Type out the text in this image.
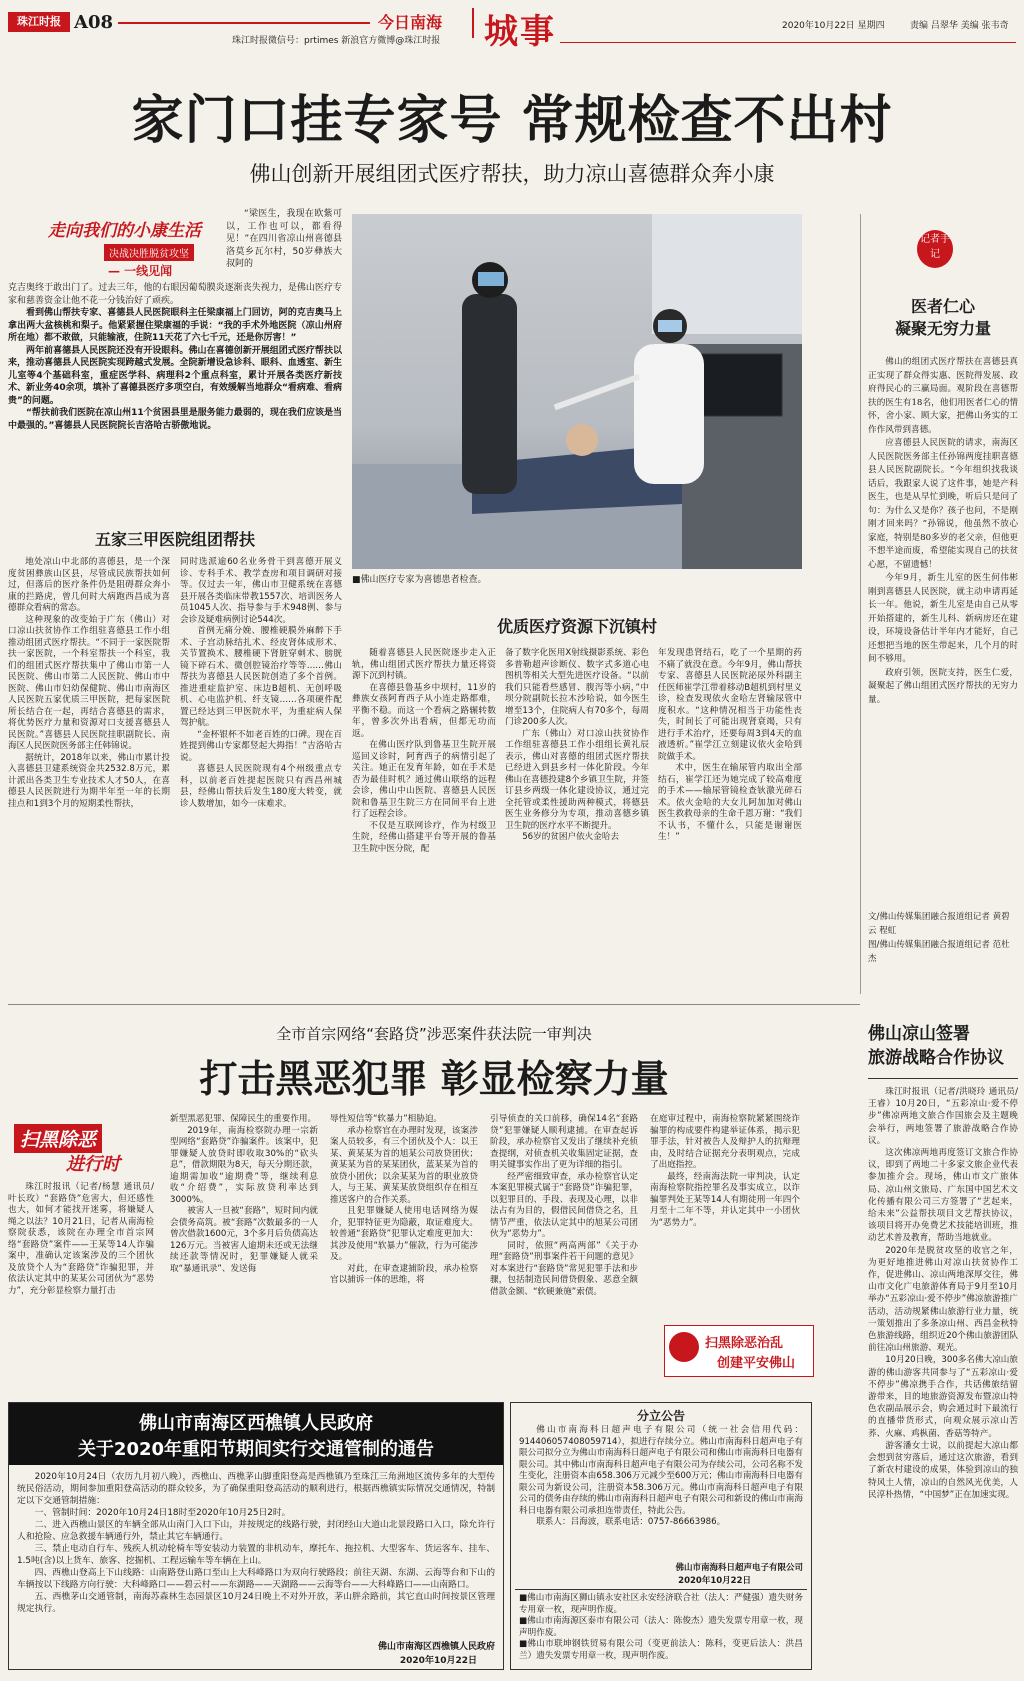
珠江时报 A08	今日南海 城事
珠江时报微信号：prtimes 新浪官方微博@珠江时报
2020年10月22日 星期四	责编 吕翠华 美编 张韦奇
家门口挂专家号 常规检查不出村
佛山创新开展组团式医疗帮扶，助力凉山喜德群众奔小康
走向我们的小康生活
决战决胜脱贫攻坚
— 一线见闻
“梁医生，我现在欧紫可以，工作也可以，都看得见！”在四川省凉山州喜德县洛莫乡瓦尔村，50岁彝族大叔阿的

克吉奥终于敢出门了。过去三年，他的右眼因葡萄膜炎逐渐丧失视力，是佛山医疗专家和慈善资金让他不花一分钱治好了顽疾。

看到佛山帮扶专家、喜德县人民医院眼科主任梁康福上门回访，阿的克吉奥马上拿出两大盆核桃和梨子。他紧紧握住梁康福的手说：“我的手术外地医院（凉山州府所在地）都不敢做，只能输液，住院11天花了六七千元，还是你厉害！”

两年前喜德县人民医院还没有开设眼科。佛山在喜德创新开展组团式医疗帮扶以来，推动喜德县人民医院实现跨越式发展。全院新增设急诊科、眼科、血透室、新生儿室等4个基础科室，重症医学科、病理科2个重点科室，累计开展各类医疗新技术、新业务40余项，填补了喜德县医疗多项空白，有效缓解当地群众“看病难、看病贵”的问题。

“帮扶前我们医院在凉山州11个贫困县里是服务能力最弱的，现在我们应该是当中最强的。”喜德县人民医院院长吉洛哈古骄傲地说。

五家三甲医院组团帮扶

地处凉山中北部的喜德县，是一个深度贫困彝族山区县，尽管成民族帮扶如何过，但落后的医疗条件仍是阻碍群众奔小康的拦路虎，曾几何时大病跑西昌成为喜德群众看病的常态。

这种现象的改变始于广东（佛山）对口凉山扶贫协作工作组驻喜德县工作小组推动组团式医疗帮扶。“不同于一家医院帮扶一家医院，一个科室帮扶一个科室，我们的组团式医疗帮扶集中了佛山市第一人民医院、佛山市第二人民医院、佛山市中医院、佛山市妇幼保健院、佛山市南海区人民医院五家优质三甲医院，把每家医院所长结合在一起，再结合喜德县的需求，将优势医疗力量和资源对口支援喜德县人民医院。”喜德县人民医院挂职副院长、南海区人民医院医务部主任韩锦说。

据统计，2018年以来，佛山市累计投入喜德县卫建系统资金共2532.8万元，累计派出各类卫生专业技术人才50人，在喜德县人民医院进行为期半年至一年的长期挂点和1到3个月的短期柔性帮扶，

同时选派逾60名业务骨干到喜德开展义诊、专科手术、教学查房和项目调研对接等。仅过去一年，佛山市卫健系统在喜德县开展各类临床带教1557次、培训医务人员1045人次、指导参与手术948例、参与会诊及疑难病例讨论544次。

首例无痛分娩、腰椎硬膜外麻醉下手术、子宫动脉结扎术、经皮肾体成形术、关节置换术、腰椎硬下肾脏穿刺术、膀胱镜下碎石术、微创腔镜治疗等等……佛山帮扶为喜德县人民医院创造了多个首例。推进重症监护室、床边B超机、无创呼吸机、心电监护机、纤支镜……各项硬件配置已经达到三甲医院水平，为重症病人保驾护航。

“金杯银杯不如老百姓的口碑。现在百姓提到佛山专家都竖起大拇指！”吉洛哈古说。

喜德县人民医院现有4个州级重点专科，以前老百姓提起医院只有西昌州城县，经佛山帮扶后发生180度大转变，就诊人数增加，如今一床难求。

■佛山医疗专家为喜德患者检查。
优质医疗资源下沉镇村

随着喜德县人民医院逐步走入正轨，佛山组团式医疗帮扶力量还将资源下沉到村镇。

在喜德县鲁基乡中坝村，11岁的彝族女孩阿育西子从小连走路都难，平衡不稳。而这一个看病之路辗转数年，曾多次外出看病，但都无功而返。

在佛山医疗队到鲁基卫生院开展巡回义诊时，阿育西子的病情引起了关注。她正在发育年龄，如在手术是否为最佳时机？通过佛山联络的远程会诊，佛山中山医院、喜德县人民医院和鲁基卫生院三方在同间平台上进行了远程会诊。

不仅是互联网诊疗，作为村级卫生院，经佛山搭建平台等开展的鲁基卫生院中医分院，配

备了数字化医用X射线摄影系统、彩色多普勒超声诊断仪、数字式多道心电图机等相关大型先进医疗设备。“以前我们只能看些感冒、腹泻等小病，”中坝分院副院长拉木沙哈说，如今医生增至13个，住院病人有70多个，每周门诊200多人次。

广东（佛山）对口凉山扶贫协作工作组驻喜德县工作小组组长黄礼辰表示，佛山对喜德的组团式医疗帮扶已经进入到县乡村一体化阶段。今年佛山在喜德投建8个乡镇卫生院，并签订县乡两级一体化建设协议，通过完全托管或柔性援助两种模式，将德县医生业务修分为专项，推动喜德乡镇卫生院的医疗水平不断提升。

56岁的贫困户依火金哈去

年发现患肾结石，吃了一个星期的药不痛了就没在意。今年9月，佛山帮扶专家、喜德县人民医院泌尿外科副主任医师崔学江带着移动B超机到村里义诊，检查发现依火金哈左肾输尿管中度积水。“这种情况相当于功能性丧失，时间长了可能出现肾衰竭，只有进行手术治疗，还要每周3到4天的血液透析。”崔学江立刻建议依火金哈到院做手术。

术中，医生在输尿管内取出全部结石，崔学江还为她完成了较高难度的手术——输尿管镜检查钬激光碎石术。依火金哈的大女儿阿加加对佛山医生救救母亲的生命千恩万谢：“我们不认书，不懂什么，只能是谢谢医生！”

记者手记
医者仁心
凝聚无穷力量

佛山的组团式医疗帮扶在喜德县真正实现了群众得实惠、医院得发展、政府得民心的三赢局面。观阶段在喜德帮扶的医生有18名，他们用医者仁心的情怀，舍小家、顾大家，把佛山务实的工作作风带到喜德。

应喜德县人民医院的请求，南海区人民医院医务部主任孙锦两度挂职喜德县人民医院副院长。“今年组织找我谈话后，我跟家人说了这件事，她是产科医生，也是从早忙到晚，听后只是问了句：为什么又是你？孩子也问，不是刚刚才回来吗？”孙锦说，他虽然不放心家庭，特别是80多岁的老父亲，但他更不想半途而废，希望能实现自己的扶贫心愿，不留遗憾！

今年9月，新生儿室的医生何伟彬刚到喜德县人民医院，就主动申请再延长一年。他说，新生儿室是由自己从零开始搭建的，新生儿科、新病房还在建设，环境设备估计半年内才能好，自己还想把当地的医生带起来，几个月的时间不够用。

政府引领，医院支持，医生仁爱，凝聚起了佛山组团式医疗帮扶的无穷力量。

文/佛山传媒集团融合报道组记者 黄碧云 程虹
图/佛山传媒集团融合报道组记者 范杜杰
全市首宗网络“套路贷”涉恶案件获法院一审判决
打击黑恶犯罪 彰显检察力量
扫黑除恶
进行时

珠江时报讯（记者/杨慧 通讯员/叶长玫）“套路贷”危害大，但还感性也大，如何才能找开迷雾，将嫌疑人绳之以法？10月21日，记者从南海检察院获悉，该院在办理全市首宗网络“套路贷”案件——王某等14人诈骗案中，准确认定该案涉及的三个团伙及放贷个人为“套路贷”诈骗犯罪，并依法认定其中的某某公司团伙为“恶势力”，充分彰显检察力量打击

新型黑恶犯罪、保障民生的重要作用。

2019年，南海检察院办理一宗新型网络“套路贷”诈骗案件。该案中，犯罪嫌疑人放贷时即收取30%的“砍头息”，借款期限为8天，每天分期还款，逾期需加收“逾期费”等，继续利息收“介绍费”，实际放贷利率达到3000%。

被害人一旦被“套路”，短时间内就会债务高筑。被“套路”次数最多的一人曾次借款1600元，3个多月后负债高达126万元。当被害人逾期未还或无法继续还款等情况时，犯罪嫌疑人就采取“暴通讯录”、发送侮

辱性短信等“软暴力”相胁迫。

承办检察官在办理时发现，该案涉案人员较多，有三个团伙及个人：以王某、黄某某为首的旭某公司放贷团伙；黄某某为首的某某团伙，蓝某某为首的放贷小团伙；以余某某为首的职业放贷人，与王某、黄某某放贷组织存在相互推送客户的合作关系。

且犯罪嫌疑人使用电话网络为媒介，犯罪特征更为隐蔽，取证难度大。较普通“套路贷”犯罪认定难度更加大：其涉及使用“软暴力”催款，行为可能涉及。

对此，在审查逮捕阶段，承办检察官以捕诉一体的思维，将

引导侦查的关口前移，确保14名“套路贷”犯罪嫌疑人顺利逮捕。在审查起诉阶段，承办检察官又发出了继续补充侦查提纲，对侦查机关收集固定证据，查明关键事实作出了更为详细的指引。

经严密细致审查，承办检察官认定本案犯罪模式属于“套路贷”诈骗犯罪，以犯罪目的、手段、表现及心理，以非法占有为目的，假借民间借贷之名，且情节严重，依法认定其中的旭某公司团伙为“恶势力”。

同时，依照“两高两部”《关于办理“套路贷”刑事案件若干问题的意见》对本案进行“套路贷”常见犯罪手法和步骤，包括制造民间借贷假象、恶意全额借款金额、“软硬兼施”索债。

在庭审过程中，南海检察院紧紧围绕诈骗罪的构成要件构建举证体系，揭示犯罪手法，针对被告人及辩护人的抗辩理由，及时结合证据充分表明观点，完成了出庭指控。

最终，经南海法院一审判决，认定南海检察院指控罪名及事实成立，以诈骗罪判处王某等14人有期徒刑一年四个月至十二年不等，并认定其中一小团伙为“恶势力”。

扫黑除恶治乱
创建平安佛山
佛山凉山签署
旅游战略合作协议

珠江时报讯（记者/洪晓玲 通讯员/王睿）10月20日，“五彩凉山·爱不停步”佛凉两地文旅合作国旅会及主题晚会举行，两地签署了旅游战略合作协议。

这次佛凉两地再度签订文旅合作协议，即到了两地二十多家文旅企业代表参加推介会。现场，佛山市文广旅体局、凉山州文旅局、广东国中国艺术文化传播有限公司三方签署了“艺起来，给未来”公益帮扶项目文艺帮扶协议，该项目将开办免费艺术技能培训班，推动艺术普及教育，帮助当地就业。

2020年是脱贫攻坚的收官之年，为更好地推进佛山对凉山扶贫协作工作，促进佛山、凉山两地深厚交往，佛山市文化广电旅游体育局于9月至10月举办“五彩凉山·爱不停步”佛凉旅游推广活动，活动规紧佛山旅游行业力量，统一策划推出了多条凉山州、西昌金秋特色旅游线路，组织近20个佛山旅游团队前往凉山州旅游、观光。

10月20日晚，300多名佛大凉山旅游的佛山游客共同参与了“五彩凉山·爱不停步”佛凉携手合作，共话佛旅结留游带来，目的地旅游资源发布暨凉山特色农副品展示会，购会通过时下最流行的直播带货形式，向观众展示凉山苦荞、火麻、鸡枞菌、香菇等特产。

游客潘女士说，以前提起大凉山都会想到贫穷落后，通过这次旅游，看到了新农村建设的成果，体验到凉山的独特风土人情，凉山的自然风光优美，人民淳朴热情，“中国梦”正在加速实现。

佛山市南海区西樵镇人民政府
关于2020年重阳节期间实行交通管制的通告

2020年10月24日（农历九月初八晚），西樵山、西樵茅山脚重阳登高是西樵镇乃至珠江三角洲地区流传多年的大型传统民俗活动，期间参加重阳登高活动的群众较多，为了确保重阳登高活动的顺利进行，根据西樵镇实际情况交通情况，特制定以下交通管制措施：

一、管制时间：2020年10月24日18时至2020年10月25日2时。

二、进入西樵山景区的车辆全部从山南门入口下山，并按规定的线路行驶，封闭经山大道山北景段路口入口，除允许行人和抢险、应急救援车辆通行外，禁止其它车辆通行。

三、禁止电动自行车、残疾人机动轮椅车等安装动力装置的非机动车，摩托车、拖拉机、大型客车、货运客车、挂车、1.5吨(含)以上货车、旅客、挖掘机、工程运输车等车辆在上山。

四、西樵山登高上下山线路：山南路登山路口至山上大科峰路口为双向行驶路段；前往天湖、东湖、云海等台和下山的车辆按以下线路方向行驶：大科峰路口——碧云村——东湖路——天湖路——云海等台——大科峰路口——山南路口。

五、西樵茅山交通管制，南海苏森林生态园景区10月24日晚上不对外开放，茅山胖余路前，其它直山时间按景区管理规定执行。

佛山市南海区西樵镇人民政府
2020年10月22日
分立公告

佛山市南海科日超声电子有限公司（统一社会信用代码：914406057408059714），拟进行存续分立。佛山市南海科日超声电子有限公司拟分立为佛山市南海科日超声电子有限公司和佛山市南海科日电器有限公司。其中佛山市南海科日超声电子有限公司为存续公司，公司名称不发生变化，注册资本由658.306万元减少至600万元；佛山市南海科日电器有限公司为新设公司，注册资本58.306万元。佛山市南海科日超声电子有限公司的债务由存续的佛山市南海科日超声电子有限公司和新设的佛山市南海科日电器有限公司承担连带责任，特此公告。

联系人：吕海波，联系电话：0757-86663986。

佛山市南海科日超声电子有限公司
2020年10月22日
■佛山市南海区狮山镇永安社区永安经济联合社（法人：严健强）遗失财务专用章一枚，现声明作废。
■佛山市南海源区泰市有限公司（法人：陈俊杰）遗失发票专用章一枚，现声明作废。
■佛山市联坤钢铁贸易有限公司（变更前法人：陈科，变更后法人：洪昌兰）遗失发票专用章一枚，现声明作废。
